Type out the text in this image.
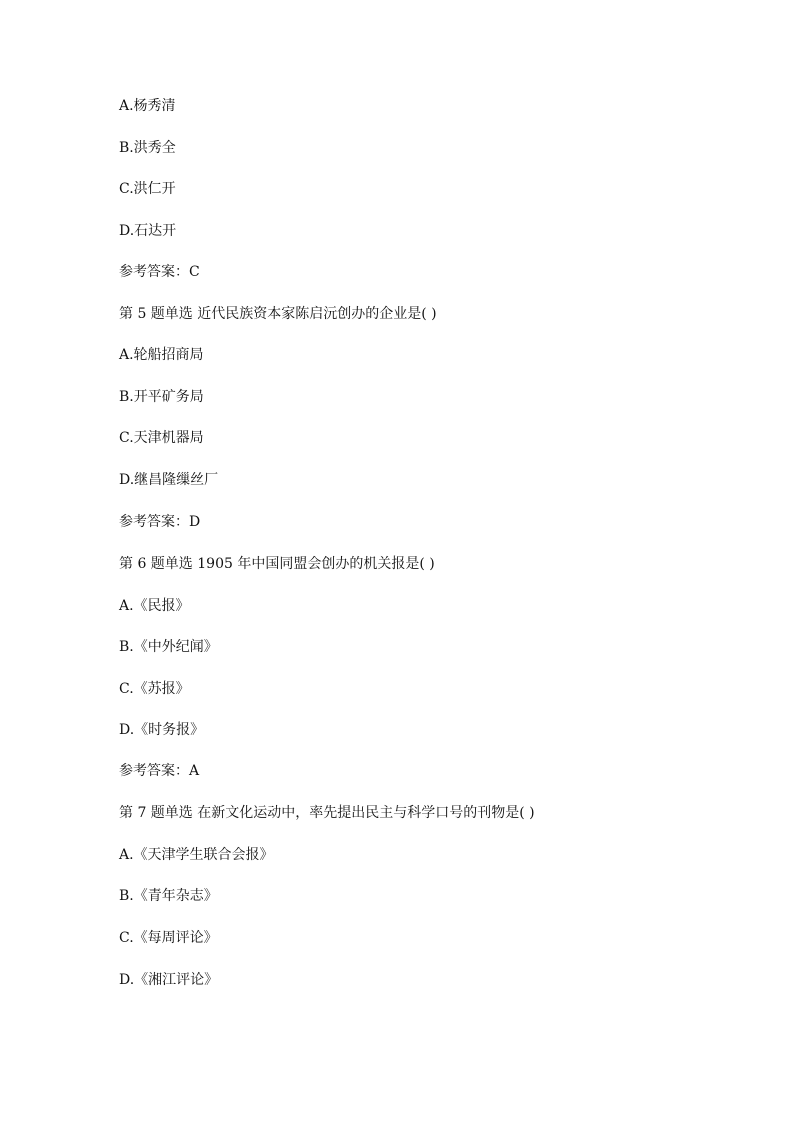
A.杨秀清
B.洪秀全
C.洪仁开
D.石达开
参考答案：C
第 5 题单选 近代民族资本家陈启沅创办的企业是( )
A.轮船招商局
B.开平矿务局
C.天津机器局
D.继昌隆缫丝厂
参考答案：D
第 6 题单选 1905 年中国同盟会创办的机关报是( )
A.《民报》
B.《中外纪闻》
C.《苏报》
D.《时务报》
参考答案：A
第 7 题单选 在新文化运动中，率先提出民主与科学口号的刊物是( )
A.《天津学生联合会报》
B.《青年杂志》
C.《每周评论》
D.《湘江评论》
